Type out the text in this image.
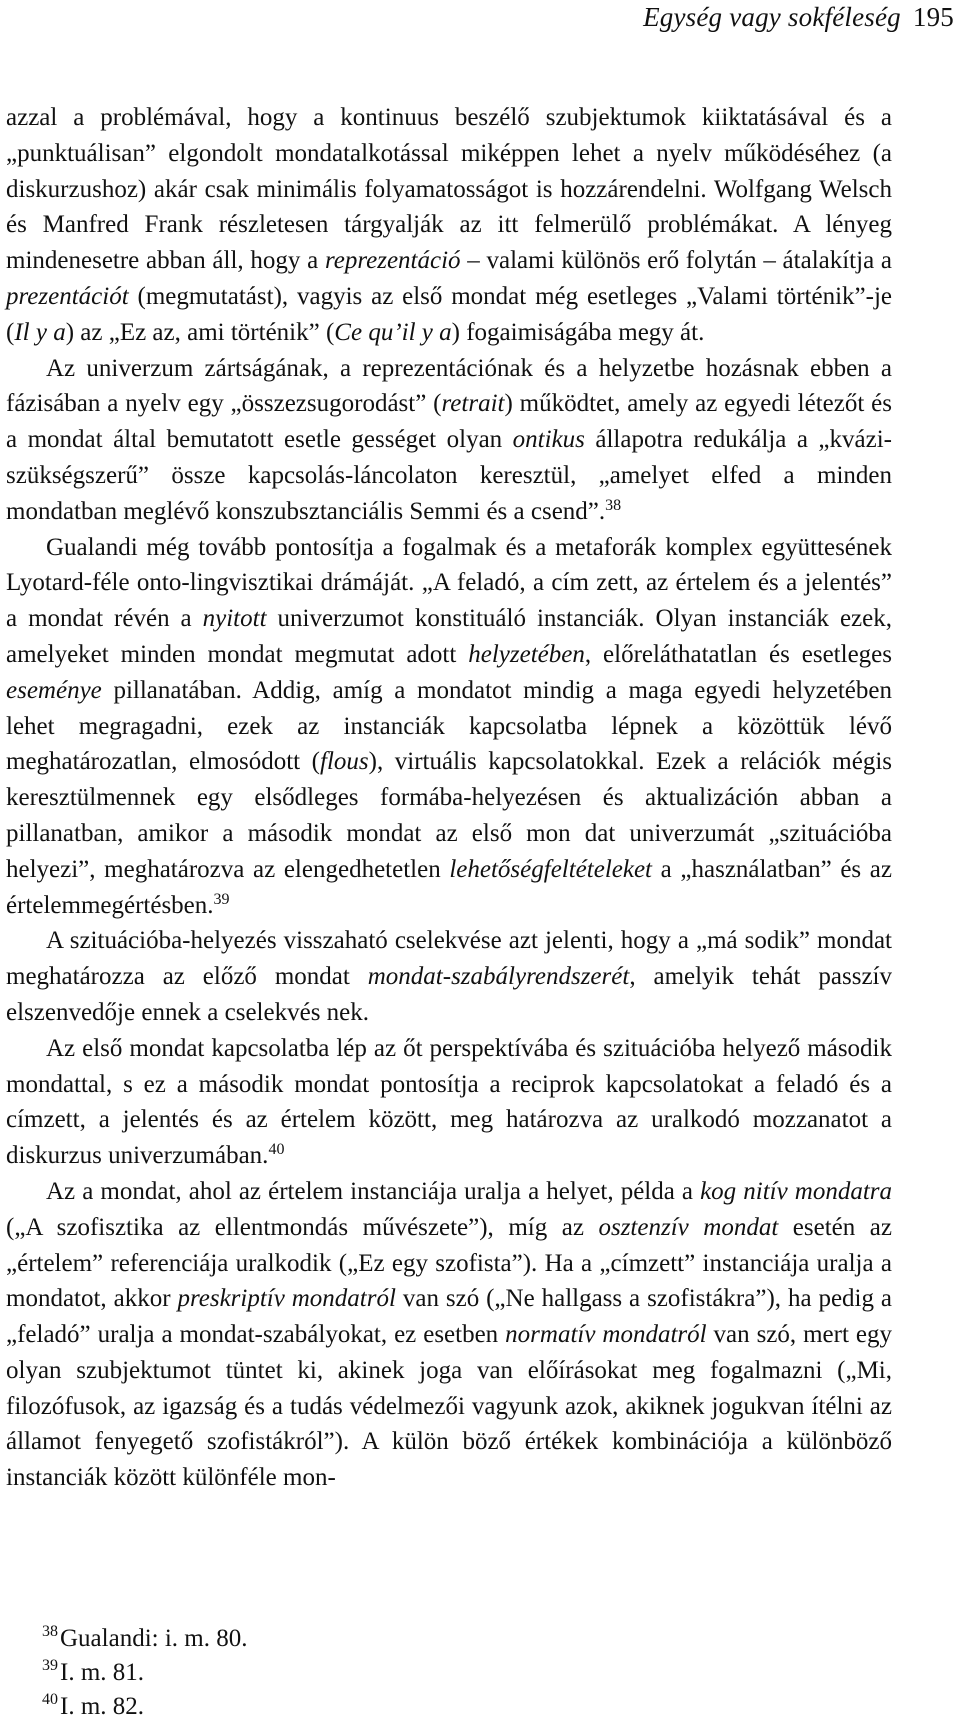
Egység vagy sokféleség 195

azzal a problémával, hogy a kontinuus beszélő szubjektumok kiiktatásával és a „punktuálisan” elgondolt mondatalkotással miképpen lehet a nyelv működéséhez (a diskurzushoz) akár csak minimális folyamatosságot is hozzárendelni. Wolfgang Welsch és Manfred Frank részletesen tárgyalják az itt felmerülő problémákat. A lényeg mindenesetre abban áll, hogy a reprezentáció – valami különös erő folytán – átalakítja a prezentációt (megmutatást), vagyis az első mondat még esetleges „Valami történik”-je (Il y a) az „Ez az, ami történik” (Ce qu’il y a) fogaimiságába megy át.

Az univerzum zártságának, a reprezentációnak és a helyzetbe hozásnak ebben a fázisában a nyelv egy „összezsugorodást” (retrait) működtet, amely az egyedi létezőt és a mondat által bemutatott esetle gességet olyan ontikus állapotra redukálja a „kvázi-szükségszerű” össze kapcsolás-láncolaton keresztül, „amelyet elfed a minden mondatban meglévő konszubsztanciális Semmi és a csend”.$^{38}$

Gualandi még tovább pontosítja a fogalmak és a metaforák komplex együttesének Lyotard-féle onto-lingvisztikai drámáját. „A feladó, a cím zett, az értelem és a jelentés” a mondat révén a nyitott univerzumot konstituáló instanciák. Olyan instanciák ezek, amelyeket minden mondat megmutat adott helyzetében, előreláthatatlan és esetleges eseménye pillanatában. Addig, amíg a mondatot mindig a maga egyedi helyzetében lehet megragadni, ezek az instanciák kapcsolatba lépnek a közöttük lévő meghatározatlan, elmosódott (flous), virtuális kapcsolatokkal. Ezek a relációk mégis keresztülmennek egy elsődleges formába-helyezésen és aktualizáción abban a pillanatban, amikor a második mondat az első mon dat univerzumát „szituációba helyezi”, meghatározva az elengedhetetlen lehetőségfeltételeket a „használatban” és az értelemmegértésben.$^{39}$

A szituációba-helyezés visszaható cselekvése azt jelenti, hogy a „má sodik” mondat meghatározza az előző mondat mondat-szabályrendszerét, amelyik tehát passzív elszenvedője ennek a cselekvés nek.

Az első mondat kapcsolatba lép az őt perspektívába és szituációba helyező második mondattal, s ez a második mondat pontosítja a reciprok kapcsolatokat a feladó és a címzett, a jelentés és az értelem között, meg határozva az uralkodó mozzanatot a diskurzus univerzumában.$^{40}$

Az a mondat, ahol az értelem instanciája uralja a helyet, példa a kog nitív mondatra („A szofisztika az ellentmondás művészete”), míg az osztenzív mondat esetén az „értelem” referenciája uralkodik („Ez egy szofista”). Ha a „címzett” instanciája uralja a mondatot, akkor preskriptív mondatról van szó („Ne hallgass a szofistákra”), ha pedig a „feladó” uralja a mondat-szabályokat, ez esetben normatív mondatról van szó, mert egy olyan szubjektumot tüntet ki, akinek joga van előírásokat meg fogalmazni („Mi, filozófusok, az igazság és a tudás védelmezői vagyunk azok, akiknek jogukvan ítélni az államot fenyegető szofistákról”). A külön böző értékek kombinációja a különböző instanciák között különféle mon-

$^{38}$Gualandi: i. m. 80.
$^{39}$I. m. 81.
$^{40}$I. m. 82.
